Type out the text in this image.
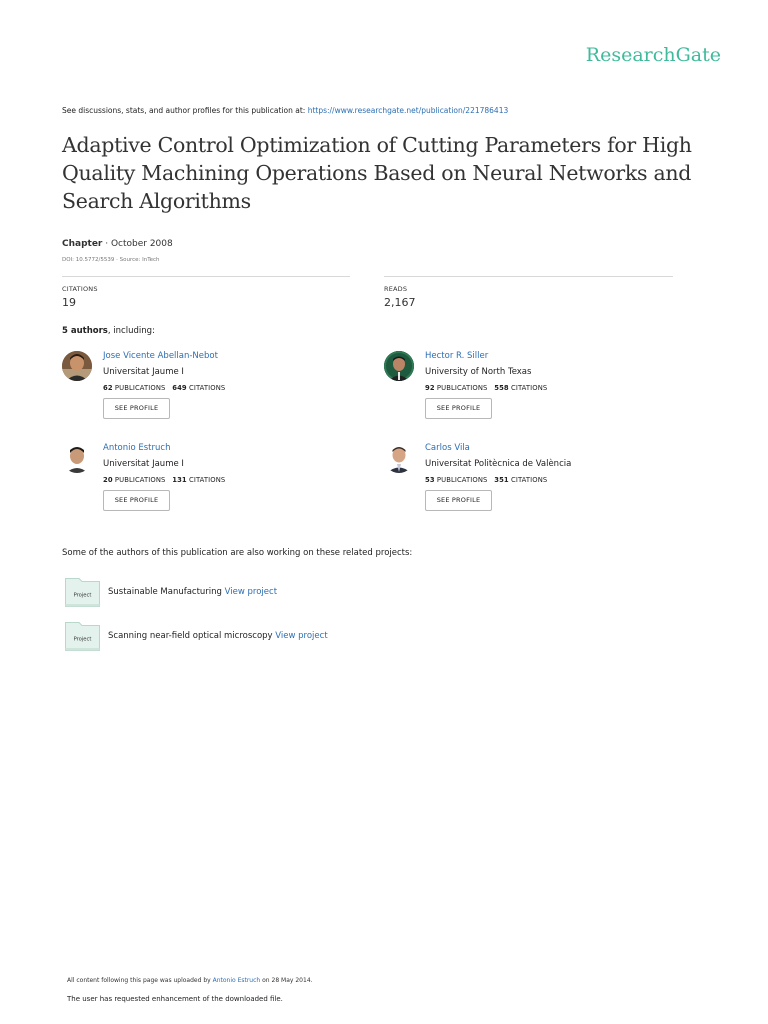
ResearchGate
See discussions, stats, and author profiles for this publication at: https://www.researchgate.net/publication/221786413
Adaptive Control Optimization of Cutting Parameters for High Quality Machining Operations Based on Neural Networks and Search Algorithms
Chapter · October 2008
DOI: 10.5772/5539 · Source: InTech
CITATIONS
19
READS
2,167
5 authors, including:
Jose Vicente Abellan-Nebot
Universitat Jaume I
62 PUBLICATIONS 649 CITATIONS
SEE PROFILE
Hector R. Siller
University of North Texas
92 PUBLICATIONS 558 CITATIONS
SEE PROFILE
Antonio Estruch
Universitat Jaume I
20 PUBLICATIONS 131 CITATIONS
SEE PROFILE
Carlos Vila
Universitat Politècnica de València
53 PUBLICATIONS 351 CITATIONS
SEE PROFILE
Some of the authors of this publication are also working on these related projects:
Project Sustainable Manufacturing View project
Project Scanning near-field optical microscopy View project
All content following this page was uploaded by Antonio Estruch on 28 May 2014.
The user has requested enhancement of the downloaded file.
